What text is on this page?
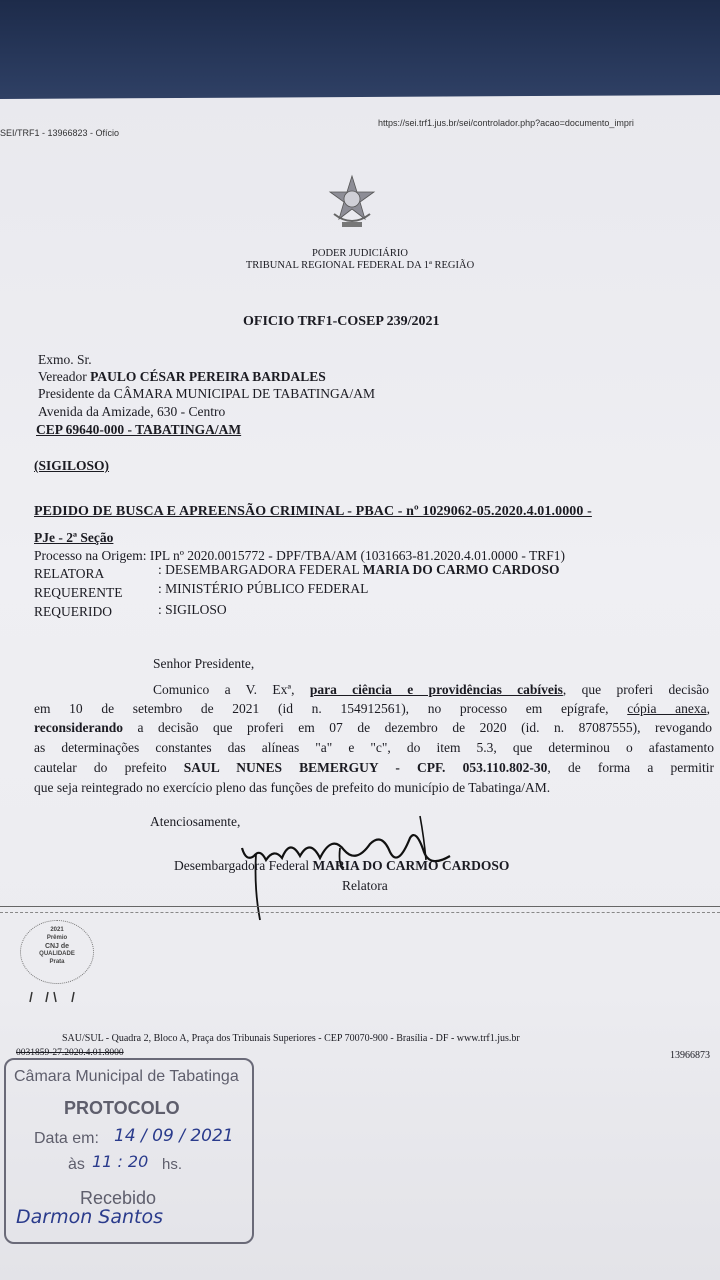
SEI/TRF1 - 13966823 - Ofício
https://sei.trf1.jus.br/sei/controlador.php?acao=documento_impri
PODER JUDICIÁRIO
TRIBUNAL REGIONAL FEDERAL DA 1ª REGIÃO
OFICIO TRF1-COSEP 239/2021
Exmo. Sr.
Vereador PAULO CÉSAR PEREIRA BARDALES
Presidente da CÂMARA MUNICIPAL DE TABATINGA/AM
Avenida da Amizade, 630 - Centro
CEP 69640-000 - TABATINGA/AM
(SIGILOSO)
PEDIDO DE BUSCA E APREENSÃO CRIMINAL - PBAC - nº 1029062-05.2020.4.01.0000 -
PJe - 2ª Seção
Processo na Origem: IPL nº 2020.0015772 - DPF/TBA/AM (1031663-81.2020.4.01.0000 - TRF1)
RELATORA	: DESEMBARGADORA FEDERAL MARIA DO CARMO CARDOSO
REQUERENTE	: MINISTÉRIO PÚBLICO FEDERAL
REQUERIDO	: SIGILOSO
Senhor Presidente,
Comunico a V. Exª, para ciência e providências cabíveis, que proferi decisão
em 10 de setembro de 2021 (id n. 154912561), no processo em epígrafe, cópia anexa,
reconsiderando a decisão que proferi em 07 de dezembro de 2020 (id. n. 87087555), revogando
as determinações constantes das alíneas "a" e "c", do item 5.3, que determinou o afastamento
cautelar do prefeito SAUL NUNES BEMERGUY - CPF. 053.110.802-30, de forma a permitir
que seja reintegrado no exercício pleno das funções de prefeito do município de Tabatinga/AM.
Atenciosamente,
Desembargadora Federal MARIA DO CARMO CARDOSO
Relatora
2021
Prêmio
CNJ de
QUALIDADE
Prata
SAU/SUL - Quadra 2, Bloco A, Praça dos Tribunais Superiores - CEP 70070-900 - Brasília - DF - www.trf1.jus.br
0031859-27.2020.4.01.8000	13966873
Câmara Municipal de Tabatinga
PROTOCOLO
Data em: 14 / 09 / 2021
às 11 : 20 hs.
Recebido
Darmon Santos
